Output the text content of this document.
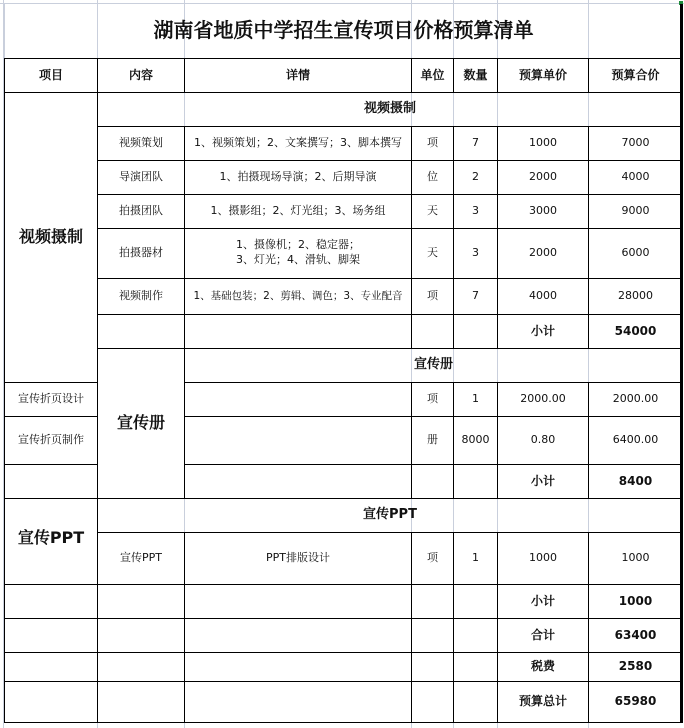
湖南省地质中学招生宣传项目价格预算清单						
项目	内容	详情	单位	数量	预算单价	预算合价
视频摄制	视频摄制					
	视频策划	1、视频策划；2、文案撰写；3、脚本撰写	项	7	1000	7000
	导演团队	1、拍摄现场导演；2、后期导演	位	2	2000	4000
	拍摄团队	1、摄影组；2、灯光组；3、场务组	天	3	3000	9000
	拍摄器材	1、摄像机；2、稳定器；
3、灯光；4、滑轨、脚架	天	3	2000	6000
	视频制作	1、基础包装；2、剪辑、调色；3、专业配音	项	7	4000	28000
					小计	54000
	宣传册	宣传册				
宣传折页设计			项	1	2000.00	2000.00
宣传折页制作			册	8000	0.80	6400.00
					小计	8400
宣传PPT	宣传PPT					
	宣传PPT	PPT排版设计	项	1	1000	1000
					小计	1000
					合计	63400
					税费	2580
					预算总计	65980
